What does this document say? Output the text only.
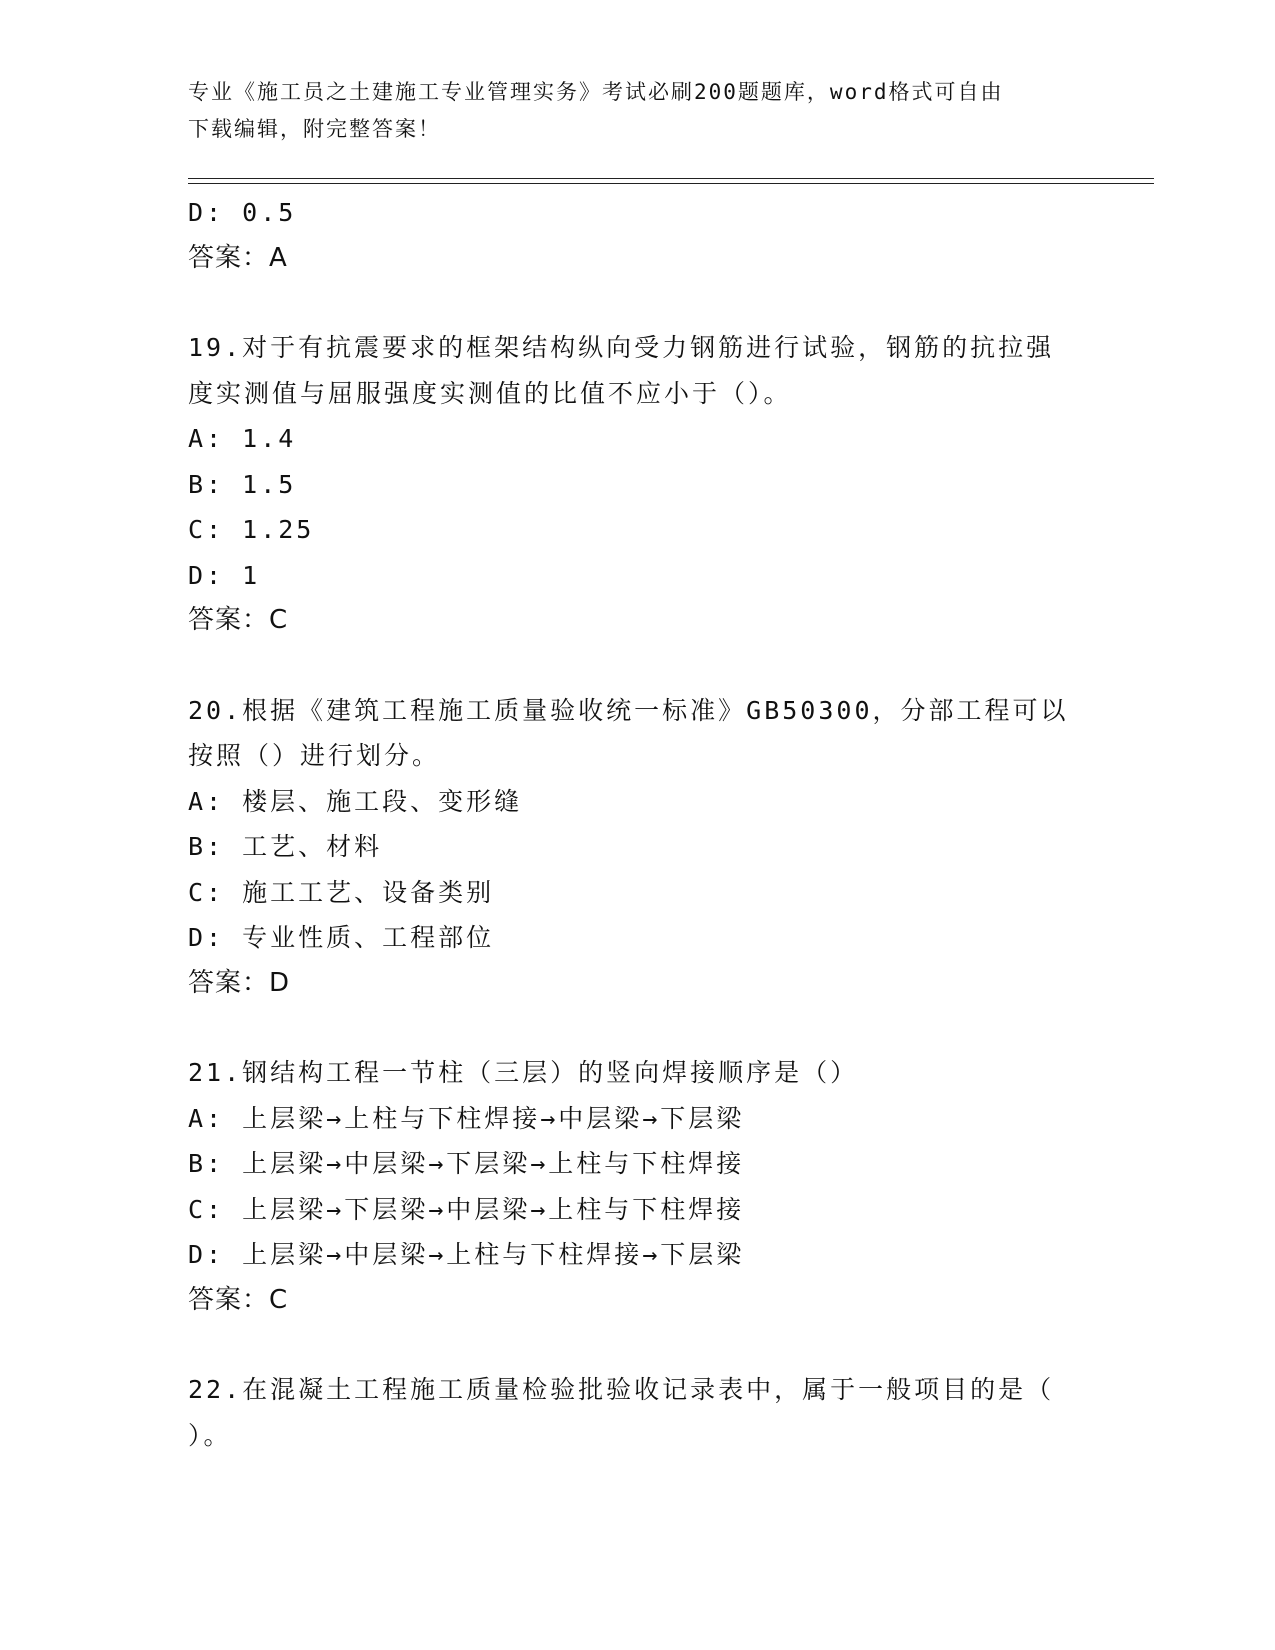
专业《施工员之土建施工专业管理实务》考试必刷200题题库，word格式可自由
下载编辑，附完整答案！
D: 0.5
答案：A
19.对于有抗震要求的框架结构纵向受力钢筋进行试验，钢筋的抗拉强
度实测值与屈服强度实测值的比值不应小于（）。
A: 1.4
B: 1.5
C: 1.25
D: 1
答案：C
20.根据《建筑工程施工质量验收统一标准》GB50300，分部工程可以
按照（）进行划分。
A: 楼层、施工段、变形缝
B: 工艺、材料
C: 施工工艺、设备类别
D: 专业性质、工程部位
答案：D
21.钢结构工程一节柱（三层）的竖向焊接顺序是（）
A: 上层梁→上柱与下柱焊接→中层梁→下层梁
B: 上层梁→中层梁→下层梁→上柱与下柱焊接
C: 上层梁→下层梁→中层梁→上柱与下柱焊接
D: 上层梁→中层梁→上柱与下柱焊接→下层梁
答案：C
22.在混凝土工程施工质量检验批验收记录表中，属于一般项目的是（
）。
